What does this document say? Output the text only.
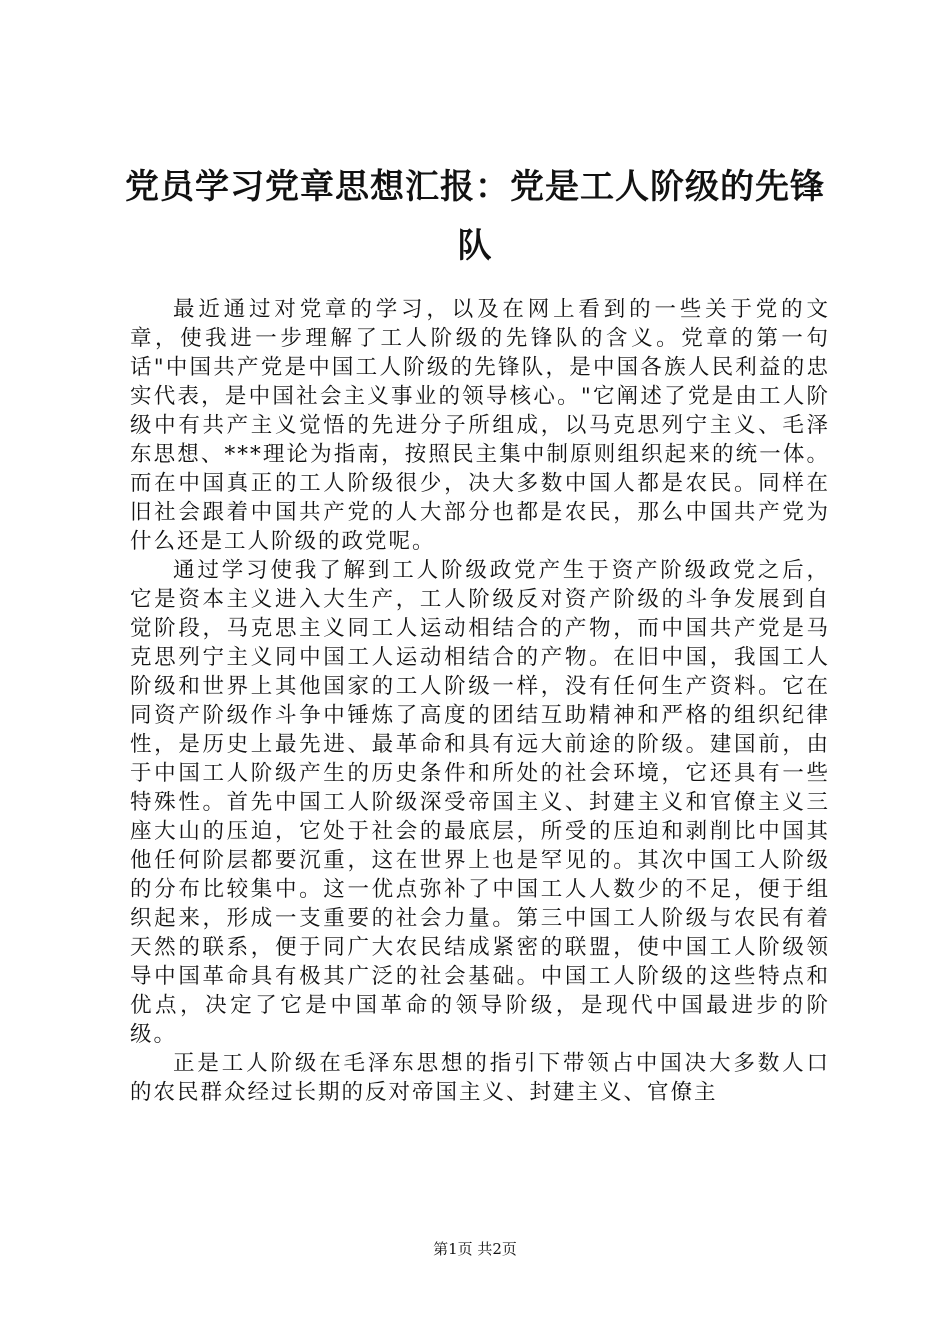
党员学习党章思想汇报：党是工人阶级的先锋队

最近通过对党章的学习，以及在网上看到的一些关于党的文章，使我进一步理解了工人阶级的先锋队的含义。党章的第一句话"中国共产党是中国工人阶级的先锋队，是中国各族人民利益的忠实代表，是中国社会主义事业的领导核心。"它阐述了党是由工人阶级中有共产主义觉悟的先进分子所组成，以马克思列宁主义、毛泽东思想、***理论为指南，按照民主集中制原则组织起来的统一体。而在中国真正的工人阶级很少，决大多数中国人都是农民。同样在旧社会跟着中国共产党的人大部分也都是农民，那么中国共产党为什么还是工人阶级的政党呢。

通过学习使我了解到工人阶级政党产生于资产阶级政党之后，它是资本主义进入大生产，工人阶级反对资产阶级的斗争发展到自觉阶段，马克思主义同工人运动相结合的产物，而中国共产党是马克思列宁主义同中国工人运动相结合的产物。在旧中国，我国工人阶级和世界上其他国家的工人阶级一样，没有任何生产资料。它在同资产阶级作斗争中锤炼了高度的团结互助精神和严格的组织纪律性，是历史上最先进、最革命和具有远大前途的阶级。建国前，由于中国工人阶级产生的历史条件和所处的社会环境，它还具有一些特殊性。首先中国工人阶级深受帝国主义、封建主义和官僚主义三座大山的压迫，它处于社会的最底层，所受的压迫和剥削比中国其他任何阶层都要沉重，这在世界上也是罕见的。其次中国工人阶级的分布比较集中。这一优点弥补了中国工人人数少的不足，便于组织起来，形成一支重要的社会力量。第三中国工人阶级与农民有着天然的联系，便于同广大农民结成紧密的联盟，使中国工人阶级领导中国革命具有极其广泛的社会基础。中国工人阶级的这些特点和优点，决定了它是中国革命的领导阶级，是现代中国最进步的阶级。

正是工人阶级在毛泽东思想的指引下带领占中国决大多数人口的农民群众经过长期的反对帝国主义、封建主义、官僚主

第1页 共2页
